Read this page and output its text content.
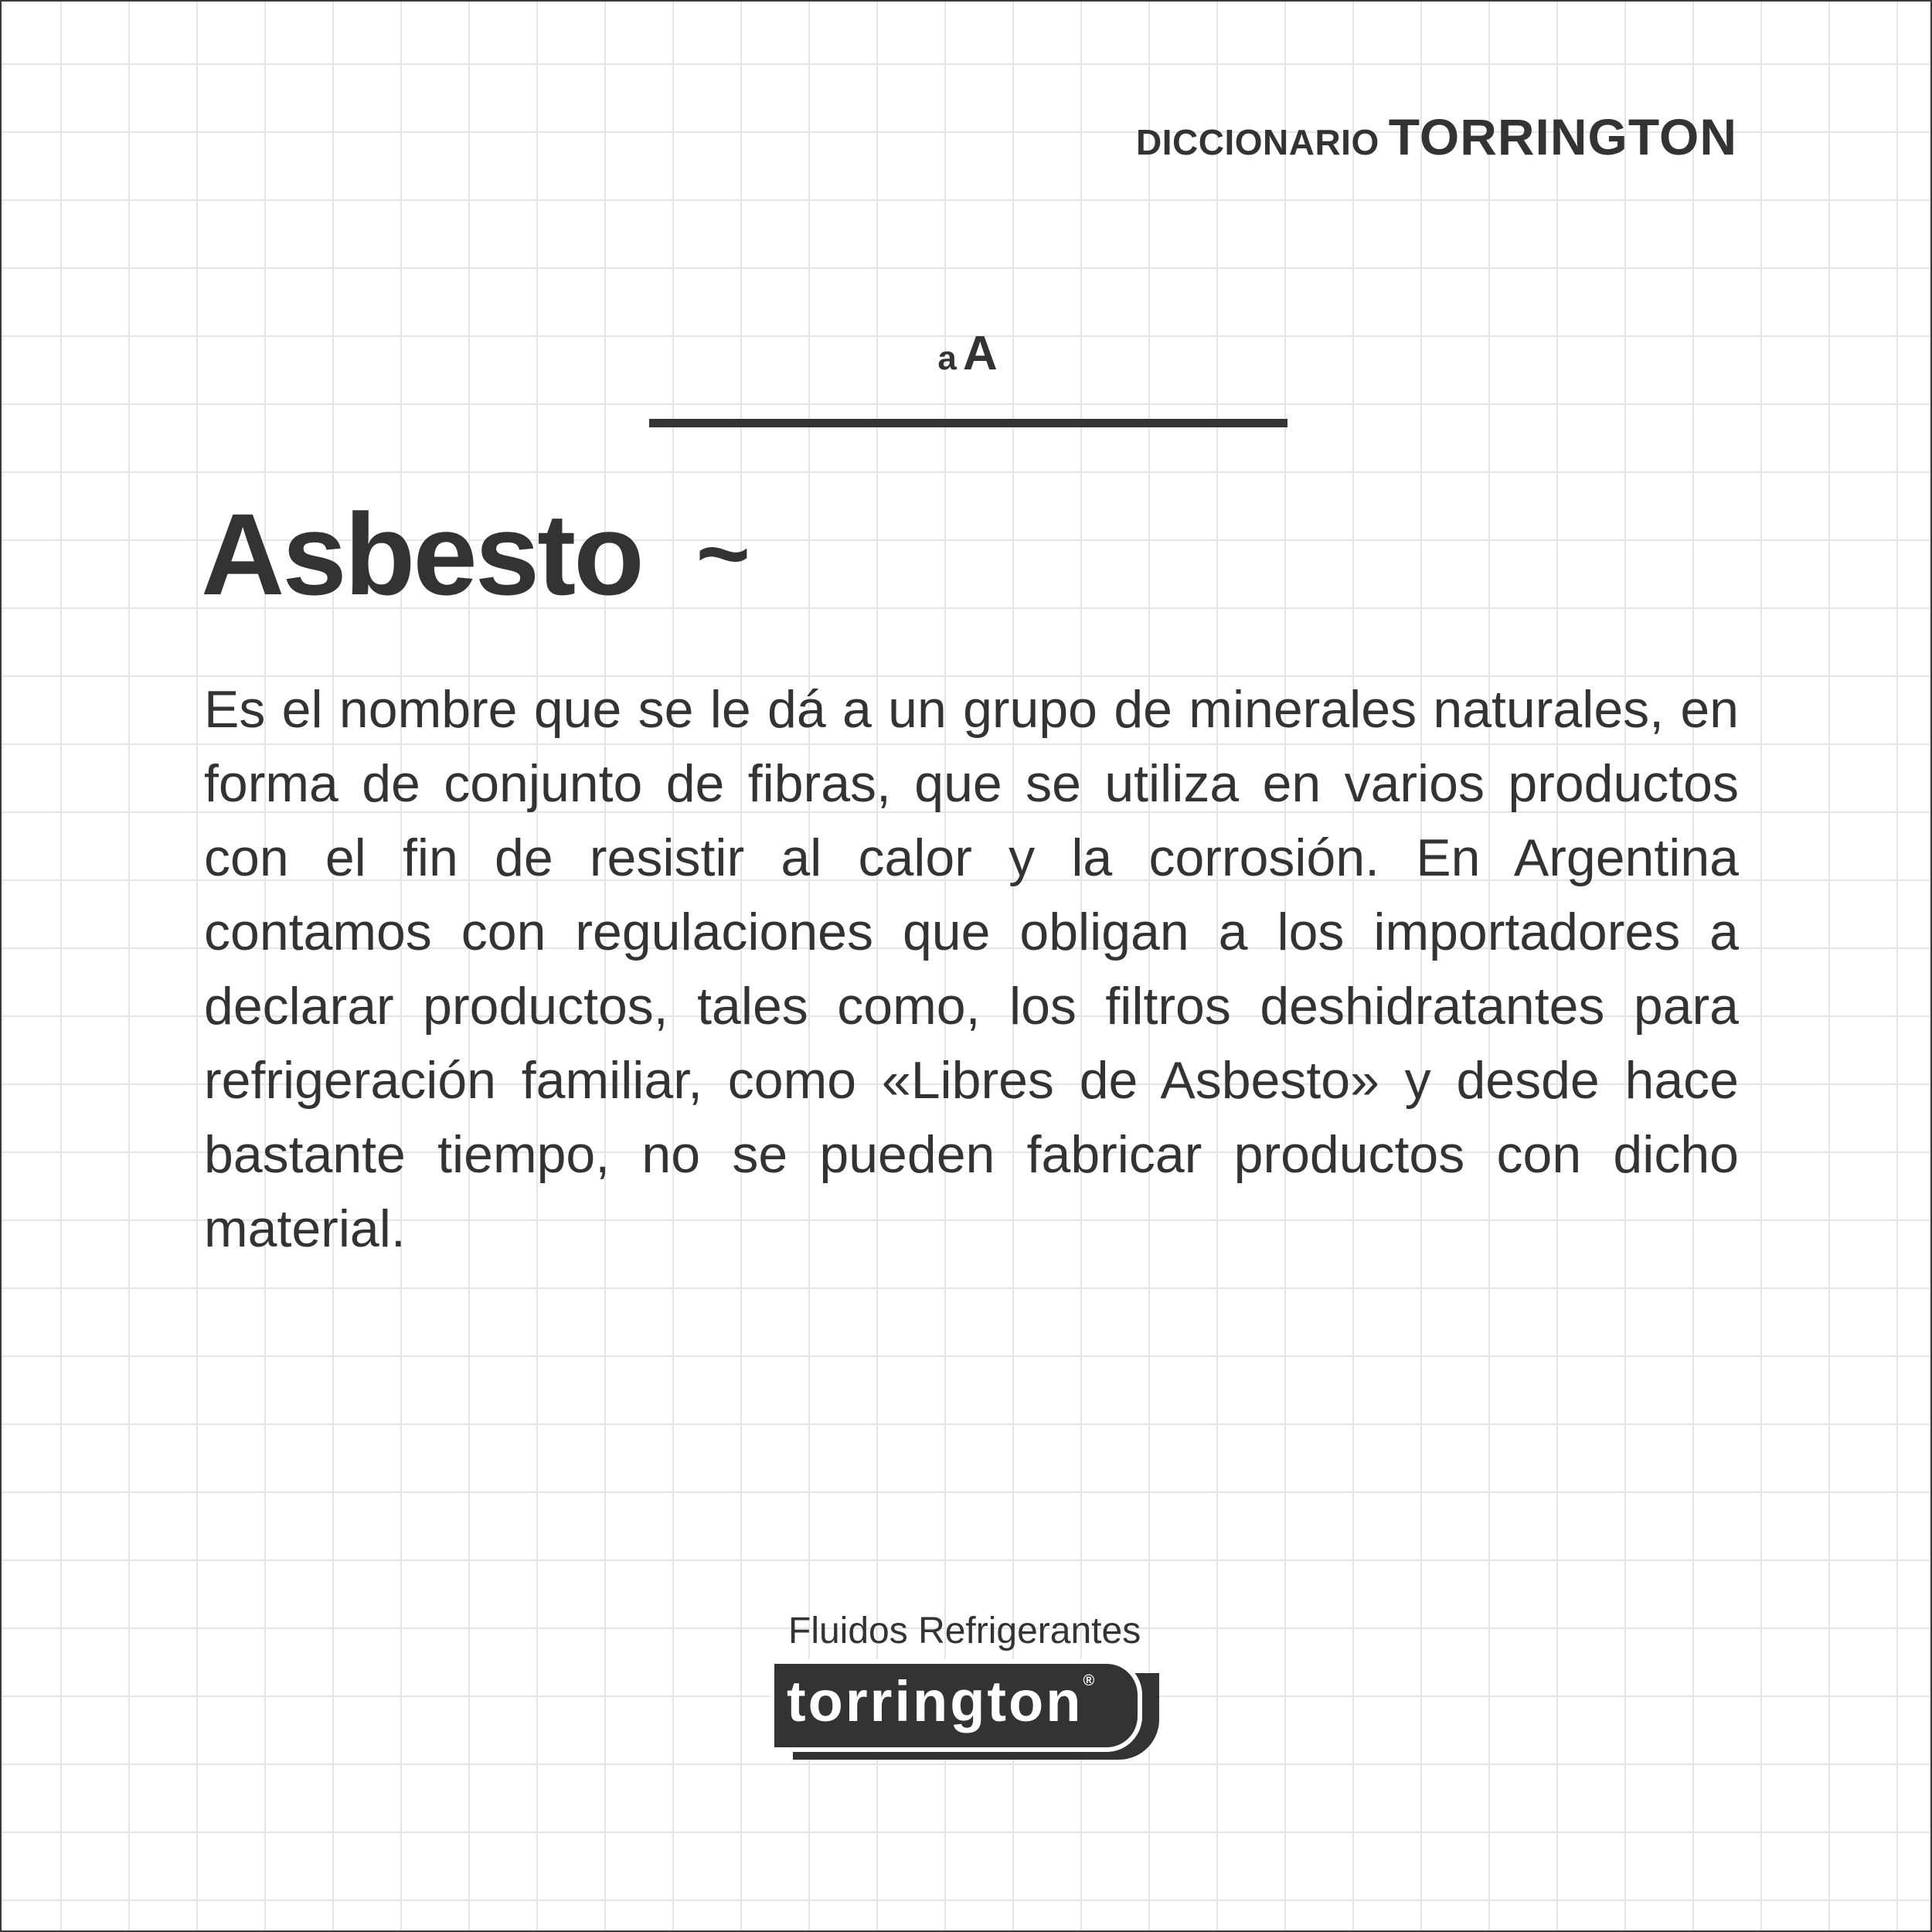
DICCIONARIO TORRINGTON
a A
Asbesto ~

Es el nombre que se le dá a un grupo de minerales naturales, en forma de conjunto de fibras, que se utiliza en varios productos con el fin de resistir al calor y la corrosión. En Argentina contamos con regulaciones que obligan a los importadores a declarar productos, tales como, los filtros deshidratantes para refrigeración familiar, como «Libres de Asbesto» y desde hace bastante tiempo, no se pueden fabricar productos con dicho material.

Fluidos Refrigerantes
torrington®
